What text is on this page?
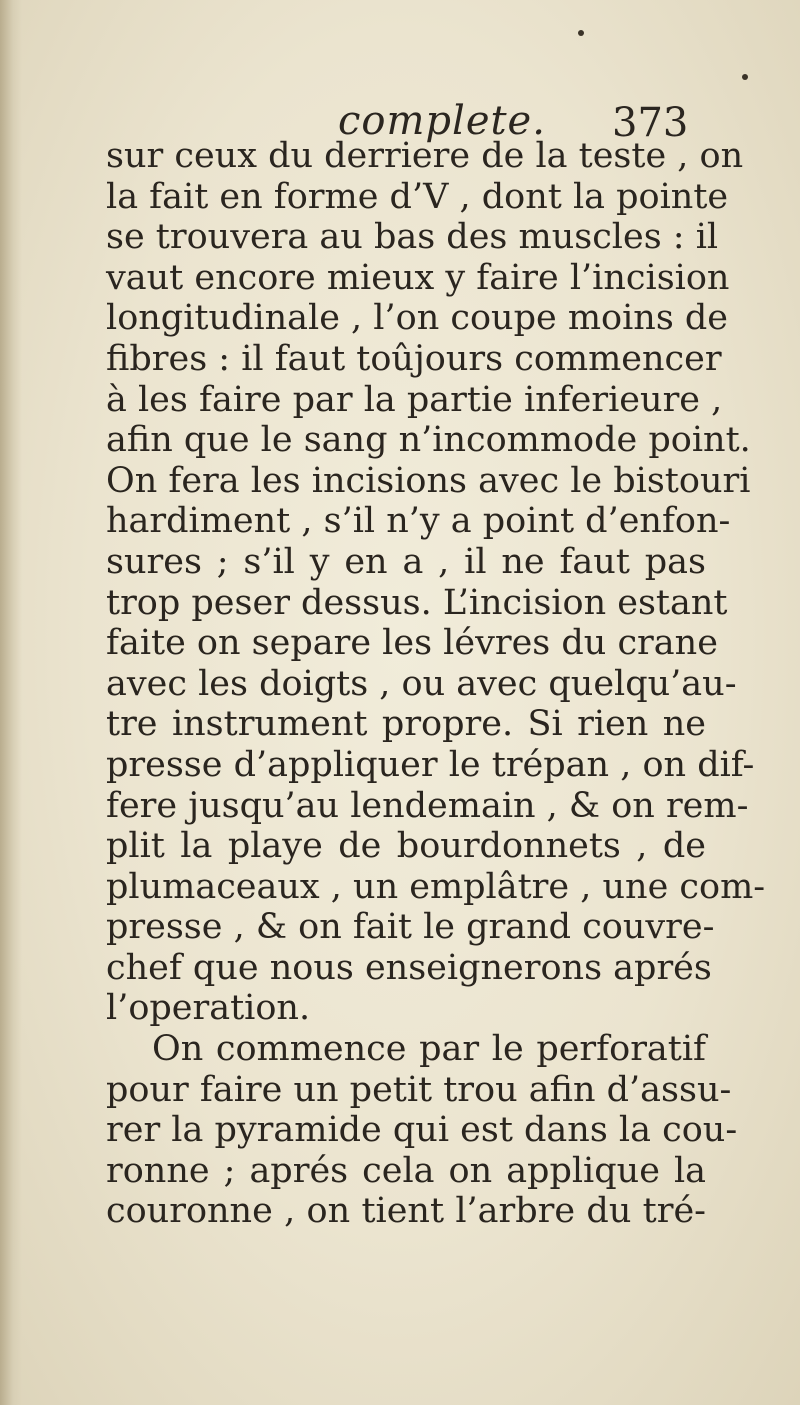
complete. 373
sur ceux du derriere de la teste , on
la fait en forme d’V , dont la pointe
se trouvera au bas des muscles : il
vaut encore mieux y faire l’incision
longitudinale , l’on coupe moins de
fibres : il faut toûjours commencer
à les faire par la partie inferieure ,
afin que le sang n’incommode point.
On fera les incisions avec le bistouri
hardiment , s’il n’y a point d’enfon-
sures ; s’il y en a , il ne faut pas
trop peser dessus. L’incision estant
faite on separe les lévres du crane
avec les doigts , ou avec quelqu’au-
tre instrument propre. Si rien ne
presse d’appliquer le trépan , on dif-
fere jusqu’au lendemain , & on rem-
plit la playe de bourdonnets , de
plumaceaux , un emplâtre , une com-
presse , & on fait le grand couvre-
chef que nous enseignerons aprés
l’operation.
On commence par le perforatif
pour faire un petit trou afin d’assu-
rer la pyramide qui est dans la cou-
ronne ; aprés cela on applique la
couronne , on tient l’arbre du tré-
